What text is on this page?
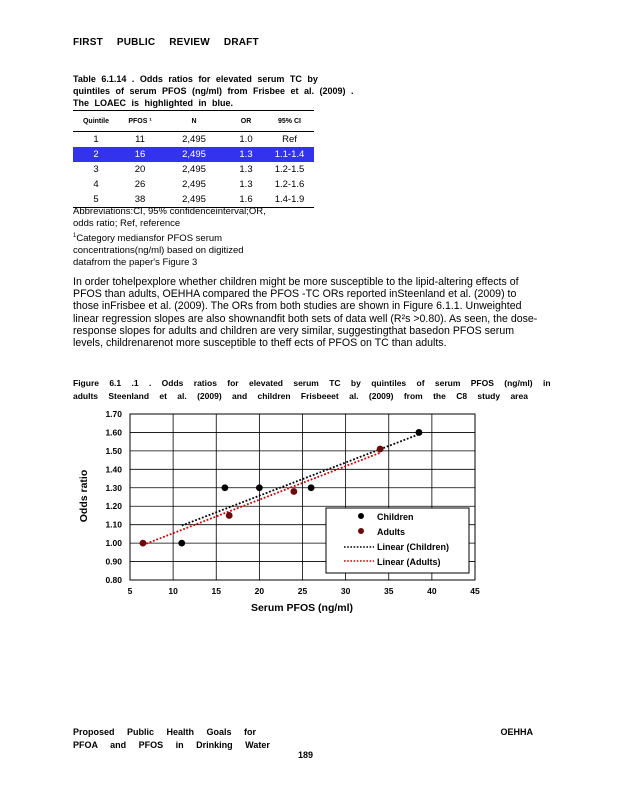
FIRST PUBLIC REVIEW DRAFT
Table 6.1.14 . Odds ratios for elevated serum TC by
quintiles of serum PFOS (ng/ml) from Frisbee et al. (2009) .
The LOAEC is highlighted in blue.
Quintile	PFOS ¹	N	OR	95% CI
1	11	2,495	1.0	Ref
2	16	2,495	1.3	1.1-1.4
3	20	2,495	1.3	1.2-1.5
4	26	2,495	1.3	1.2-1.6
5	38	2,495	1.6	1.4-1.9
Abbreviations:CI, 95% confidenceinterval;OR,
odds ratio; Ref, reference
$^1$Category mediansfor PFOS serum
concentrations(ng/ml) based on digitized
datafrom the paper's Figure 3
In order tohelpexplore whether children might be more susceptible to the lipid-altering effects of PFOS than adults, OEHHA compared the PFOS -TC ORs reported inSteenland et al. (2009) to those inFrisbee et al. (2009). The ORs from both studies are shown in Figure 6.1.1. Unweighted linear regression slopes are also shownandfit both sets of data well (R²s >0.80). As seen, the dose-response slopes for adults and children are very similar, suggestingthat basedon PFOS serum levels, childrenarenot more susceptible to theff ects of PFOS on TC than adults.
Figure 6.1 .1 . Odds ratios for elevated serum TC by quintiles of serum PFOS (ng/ml) in
adults Steenland et al. (2009) and children Frisbeeet al. (2009) from the C8 study area
0.80
0.90
1.00
1.10
1.20
1.30
1.40
1.50
1.60
1.70
5	10	15	20	25	30	35	40	45
Odds ratio
Serum PFOS (ng/ml)
Children
Adults
Linear (Children)
Linear (Adults)
Proposed Public Health Goals for
PFOA and PFOS in Drinking Water
OEHHA
189
